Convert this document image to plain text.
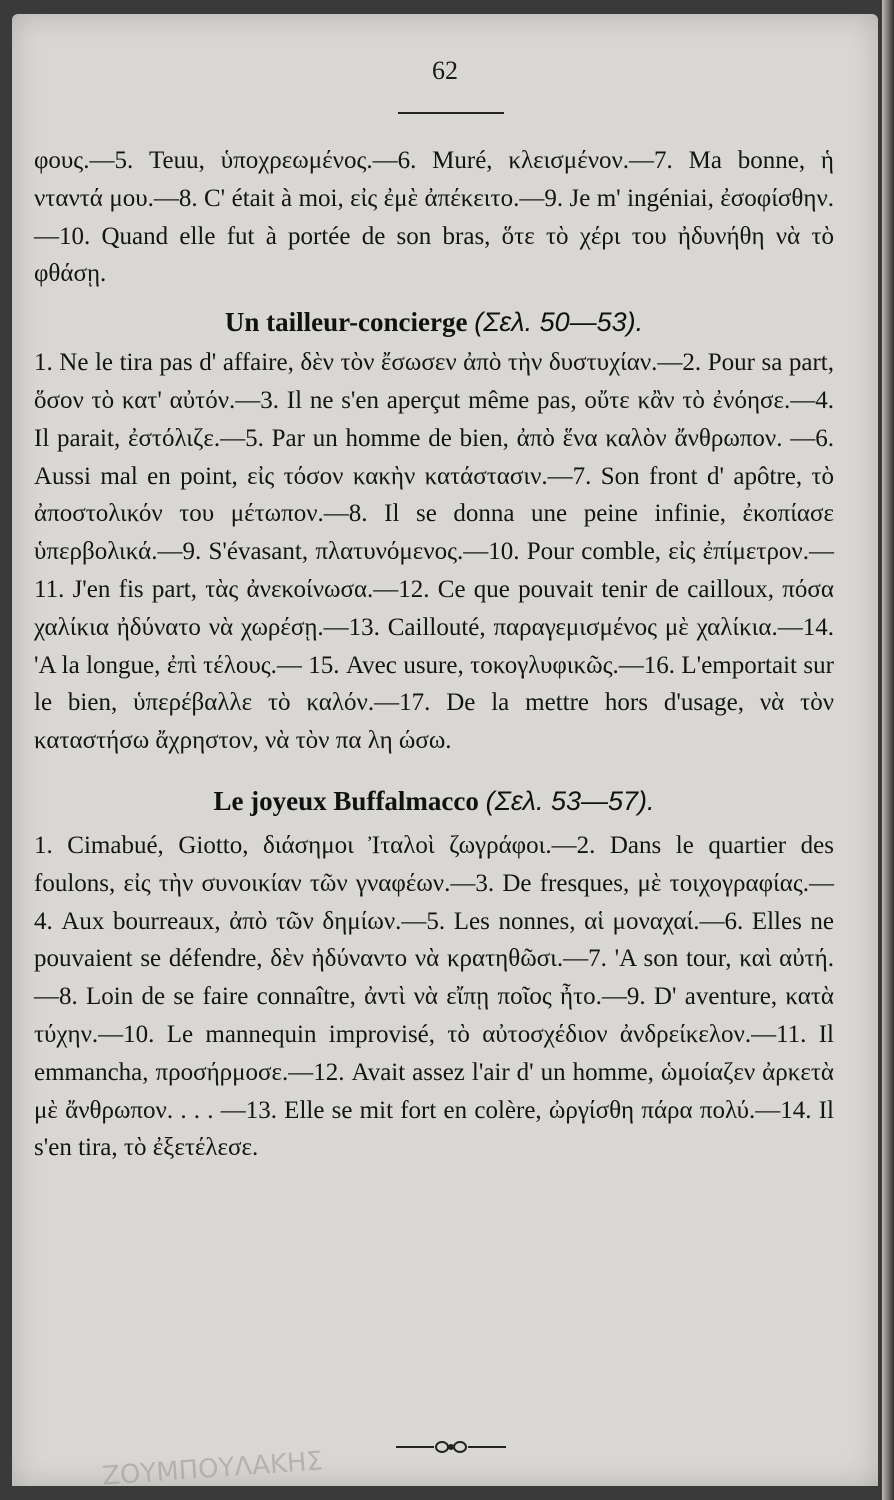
62

φους.—5. Teuu, ὑποχρεωμένος.—6. Muré, κλεισμένον.—7. Ma bonne, ἡ νταντά μου.—8. C' était à moi, εἰς ἐμὲ ἀπέκειτο.—9. Je m' ingéniai, ἐσοφίσθην.—10. Quand elle fut à portée de son bras, ὅτε τὸ χέρι του ἠδυνήθη νὰ τὸ φθάσῃ.

Un tailleur-concierge (Σελ. 50—53).

1. Ne le tira pas d' affaire, δὲν τὸν ἔσωσεν ἀπὸ τὴν δυστυχίαν.—2. Pour sa part, ὅσον τὸ κατ' αὐτόν.—3. Il ne s'en aperçut même pas, οὔτε κἂν τὸ ἐνόησε.—4. Il parait, ἐστόλιζε.—5. Par un homme de bien, ἀπὸ ἕνα καλὸν ἄνθρωπον. —6. Aussi mal en point, εἰς τόσον κακὴν κατάστασιν.—7. Son front d' apôtre, τὸ ἀποστολικόν του μέτωπον.—8. Il se donna une peine infinie, ἐκοπίασε ὑπερβολικά.—9. S'évasant, πλατυνόμενος.—10. Pour comble, εἰς ἐπίμετρον.—11. J'en fis part, τὰς ἀνεκοίνωσα.—12. Ce que pouvait tenir de cailloux, πόσα χαλίκια ἠδύνατο νὰ χωρέσῃ.—13. Caillouté, παραγεμισμένος μὲ χαλίκια.—14. 'A la longue, ἐπὶ τέλους.— 15. Avec usure, τοκογλυφικῶς.—16. L'emportait sur le bien, ὑπερέβαλλε τὸ καλόν.—17. De la mettre hors d'usage, νὰ τὸν καταστήσω ἄχρηστον, νὰ τὸν πα λη ώσω.

Le joyeux Buffalmacco (Σελ. 53—57).

1. Cimabué, Giotto, διάσημοι Ἰταλοὶ ζωγράφοι.—2. Dans le quartier des foulons, εἰς τὴν συνοικίαν τῶν γναφέων.—3. De fresques, μὲ τοιχογραφίας.—4. Aux bourreaux, ἀπὸ τῶν δημίων.—5. Les nonnes, αἱ μοναχαί.—6. Elles ne pouvaient se défendre, δὲν ἠδύναντο νὰ κρατηθῶσι.—7. 'A son tour, καὶ αὐτή.—8. Loin de se faire connaître, ἀντὶ νὰ εἴπῃ ποῖος ἦτο.—9. D' aventure, κατὰ τύχην.—10. Le mannequin improvisé, τὸ αὐτοσχέδιον ἀνδρείκελον.—11. Il emmancha, προσήρμοσε.—12. Avait assez l'air d' un homme, ὡμοίαζεν ἀρκετὰ μὲ ἄνθρωπον. . . . —13. Elle se mit fort en colère, ὠργίσθη πάρα πολύ.—14. Il s'en tira, τὸ ἐξετέλεσε.

ΖΟΥΜΠΟΥΛΑΚΗΣ
